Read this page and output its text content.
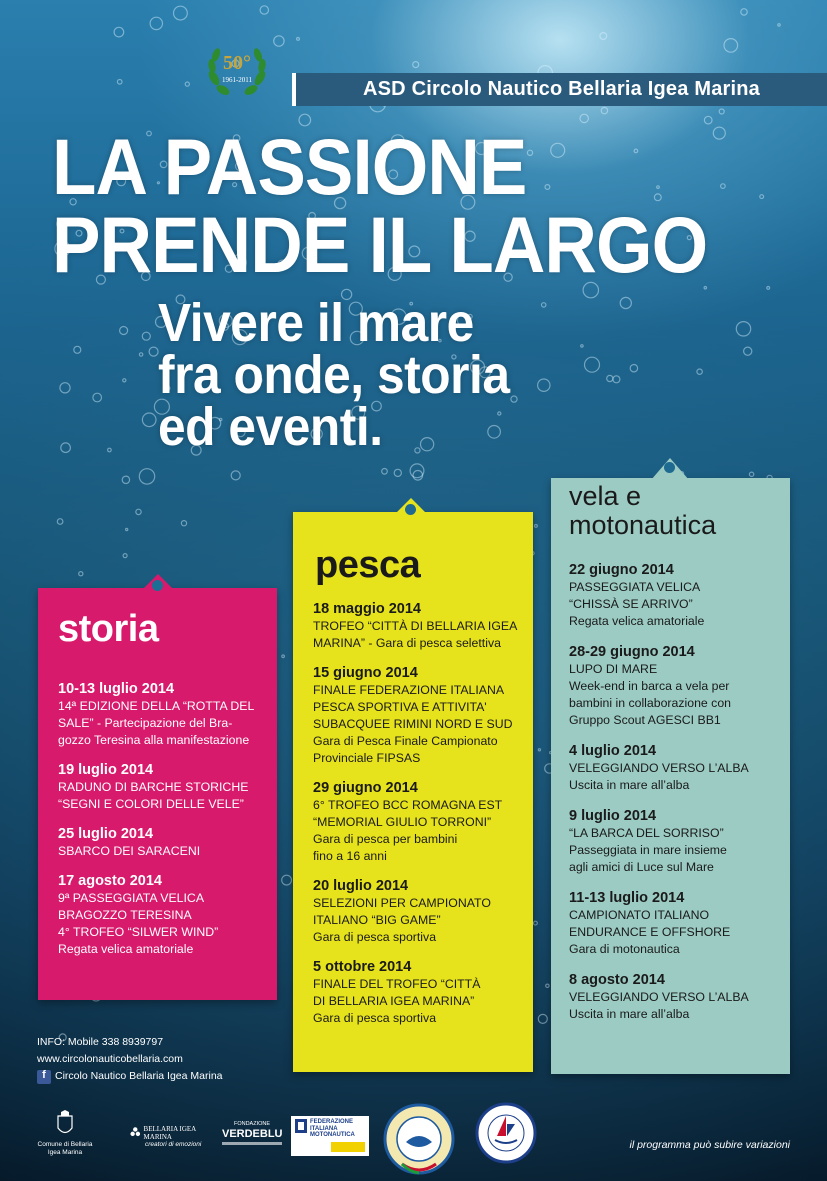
50°
1961-2011	ASD Circolo Nautico Bellaria Igea Marina
LA PASSIONE
PRENDE IL LARGO
Vivere il mare
fra onde, storia
ed eventi.
storia
10-13 luglio 2014
14ª EDIZIONE DELLA “ROTTA DEL
SALE” - Partecipazione del Bra-
gozzo Teresina alla manifestazione
19 luglio 2014
RADUNO DI BARCHE STORICHE
“SEGNI E COLORI DELLE VELE”
25 luglio 2014
SBARCO DEI SARACENI
17 agosto 2014
9ª PASSEGGIATA VELICA
BRAGOZZO TERESINA
4° TROFEO “SILWER WIND”
Regata velica amatoriale
pesca
18 maggio 2014
TROFEO “CITTÀ DI BELLARIA IGEA
MARINA” - Gara di pesca selettiva
15 giugno 2014
FINALE FEDERAZIONE ITALIANA
PESCA SPORTIVA E ATTIVITA'
SUBACQUEE RIMINI NORD E SUD
Gara di Pesca Finale Campionato
Provinciale FIPSAS
29 giugno 2014
6° TROFEO BCC ROMAGNA EST
“MEMORIAL GIULIO TORRONI”
Gara di pesca per bambini
fino a 16 anni
20 luglio 2014
SELEZIONI PER CAMPIONATO
ITALIANO “BIG GAME”
Gara di pesca sportiva
5 ottobre 2014
FINALE DEL TROFEO “CITTÀ
DI BELLARIA IGEA MARINA”
Gara di pesca sportiva
vela e
motonautica
22 giugno 2014
PASSEGGIATA VELICA
“CHISSÀ SE ARRIVO”
Regata velica amatoriale
28-29 giugno 2014
LUPO DI MARE
Week-end in barca a vela per
bambini in collaborazione con
Gruppo Scout AGESCI BB1
4 luglio 2014
VELEGGIANDO VERSO L’ALBA
Uscita in mare all’alba
9 luglio 2014
“LA BARCA DEL SORRISO”
Passeggiata in mare insieme
agli amici di Luce sul Mare
11-13 luglio 2014
CAMPIONATO ITALIANO
ENDURANCE E OFFSHORE
Gara di motonautica
8 agosto 2014
VELEGGIANDO VERSO L’ALBA
Uscita in mare all’alba
INFO: Mobile 338 8939797
www.circolonauticobellaria.com
f Circolo Nautico Bellaria Igea Marina
Comune di Bellaria Igea Marina
BELLARIA IGEA MARINA
creatori di emozioni
FONDAZIONE
VERDEBLU
FEDERAZIONE
ITALIANA
MOTONAUTICA
il programma può subire variazioni
